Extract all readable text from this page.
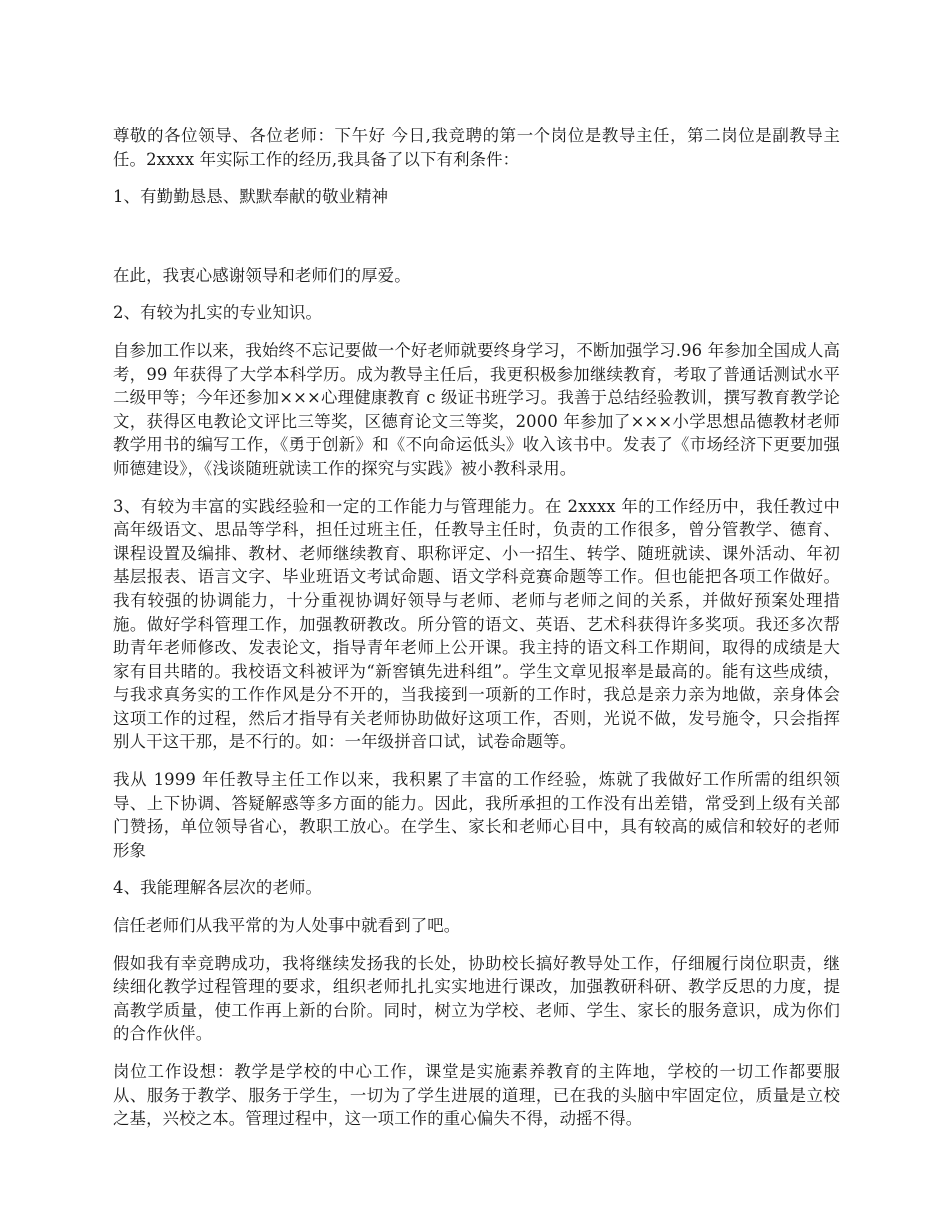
尊敬的各位领导、各位老师：下午好 今日,我竞聘的第一个岗位是教导主任，第二岗位是副教导主任。2xxxx 年实际工作的经历,我具备了以下有利条件：

1、有勤勤恳恳、默默奉献的敬业精神

在此，我衷心感谢领导和老师们的厚爱。

2、有较为扎实的专业知识。

自参加工作以来，我始终不忘记要做一个好老师就要终身学习，不断加强学习.96 年参加全国成人高考，99 年获得了大学本科学历。成为教导主任后，我更积极参加继续教育，考取了普通话测试水平二级甲等；今年还参加×××心理健康教育 c 级证书班学习。我善于总结经验教训，撰写教育教学论文，获得区电教论文评比三等奖，区德育论文三等奖，2000 年参加了×××小学思想品德教材老师教学用书的编写工作，《勇于创新》和《不向命运低头》收入该书中。发表了《市场经济下更要加强师德建设》，《浅谈随班就读工作的探究与实践》被小教科录用。

3、有较为丰富的实践经验和一定的工作能力与管理能力。在 2xxxx 年的工作经历中，我任教过中高年级语文、思品等学科，担任过班主任，任教导主任时，负责的工作很多，曾分管教学、德育、课程设置及编排、教材、老师继续教育、职称评定、小一招生、转学、随班就读、课外活动、年初基层报表、语言文字、毕业班语文考试命题、语文学科竞赛命题等工作。但也能把各项工作做好。我有较强的协调能力，十分重视协调好领导与老师、老师与老师之间的关系，并做好预案处理措施。做好学科管理工作，加强教研教改。所分管的语文、英语、艺术科获得许多奖项。我还多次帮助青年老师修改、发表论文，指导青年老师上公开课。我主持的语文科工作期间，取得的成绩是大家有目共睹的。我校语文科被评为“新窖镇先进科组”。学生文章见报率是最高的。能有这些成绩，与我求真务实的工作作风是分不开的，当我接到一项新的工作时，我总是亲力亲为地做，亲身体会这项工作的过程，然后才指导有关老师协助做好这项工作，否则，光说不做，发号施令，只会指挥别人干这干那，是不行的。如：一年级拼音口试，试卷命题等。

我从 1999 年任教导主任工作以来，我积累了丰富的工作经验，炼就了我做好工作所需的组织领导、上下协调、答疑解惑等多方面的能力。因此，我所承担的工作没有出差错，常受到上级有关部门赞扬，单位领导省心，教职工放心。在学生、家长和老师心目中，具有较高的威信和较好的老师形象

4、我能理解各层次的老师。

信任老师们从我平常的为人处事中就看到了吧。

假如我有幸竞聘成功，我将继续发扬我的长处，协助校长搞好教导处工作，仔细履行岗位职责，继续细化教学过程管理的要求，组织老师扎扎实实地进行课改，加强教研科研、教学反思的力度，提高教学质量，使工作再上新的台阶。同时，树立为学校、老师、学生、家长的服务意识，成为你们的合作伙伴。

岗位工作设想：教学是学校的中心工作，课堂是实施素养教育的主阵地，学校的一切工作都要服从、服务于教学、服务于学生，一切为了学生进展的道理，已在我的头脑中牢固定位，质量是立校之基，兴校之本。管理过程中，这一项工作的重心偏失不得，动摇不得。
